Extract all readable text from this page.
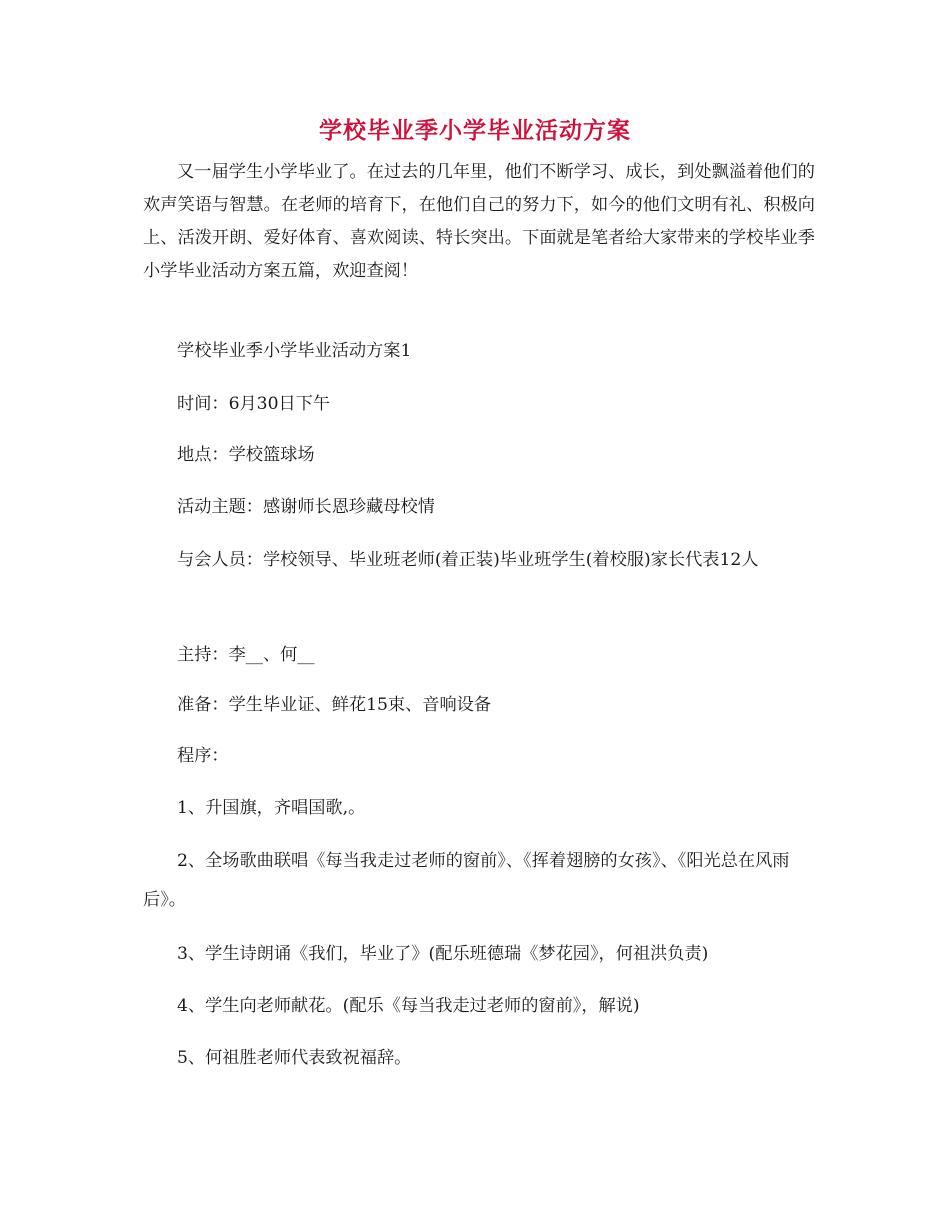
学校毕业季小学毕业活动方案

又一届学生小学毕业了。在过去的几年里，他们不断学习、成长，到处飘溢着他们的欢声笑语与智慧。在老师的培育下，在他们自己的努力下，如今的他们文明有礼、积极向上、活泼开朗、爱好体育、喜欢阅读、特长突出。下面就是笔者给大家带来的学校毕业季小学毕业活动方案五篇，欢迎查阅！

学校毕业季小学毕业活动方案1

时间：6月30日下午

地点：学校篮球场

活动主题：感谢师长恩珍藏母校情

与会人员：学校领导、毕业班老师(着正装)毕业班学生(着校服)家长代表12人

主持：李__、何__

准备：学生毕业证、鲜花15束、音响设备

程序：

1、升国旗，齐唱国歌,。

2、全场歌曲联唱《每当我走过老师的窗前》、《挥着翅膀的女孩》、《阳光总在风雨后》。

3、学生诗朗诵《我们，毕业了》(配乐班德瑞《梦花园》，何祖洪负责)

4、学生向老师献花。(配乐《每当我走过老师的窗前》，解说)

5、何祖胜老师代表致祝福辞。
